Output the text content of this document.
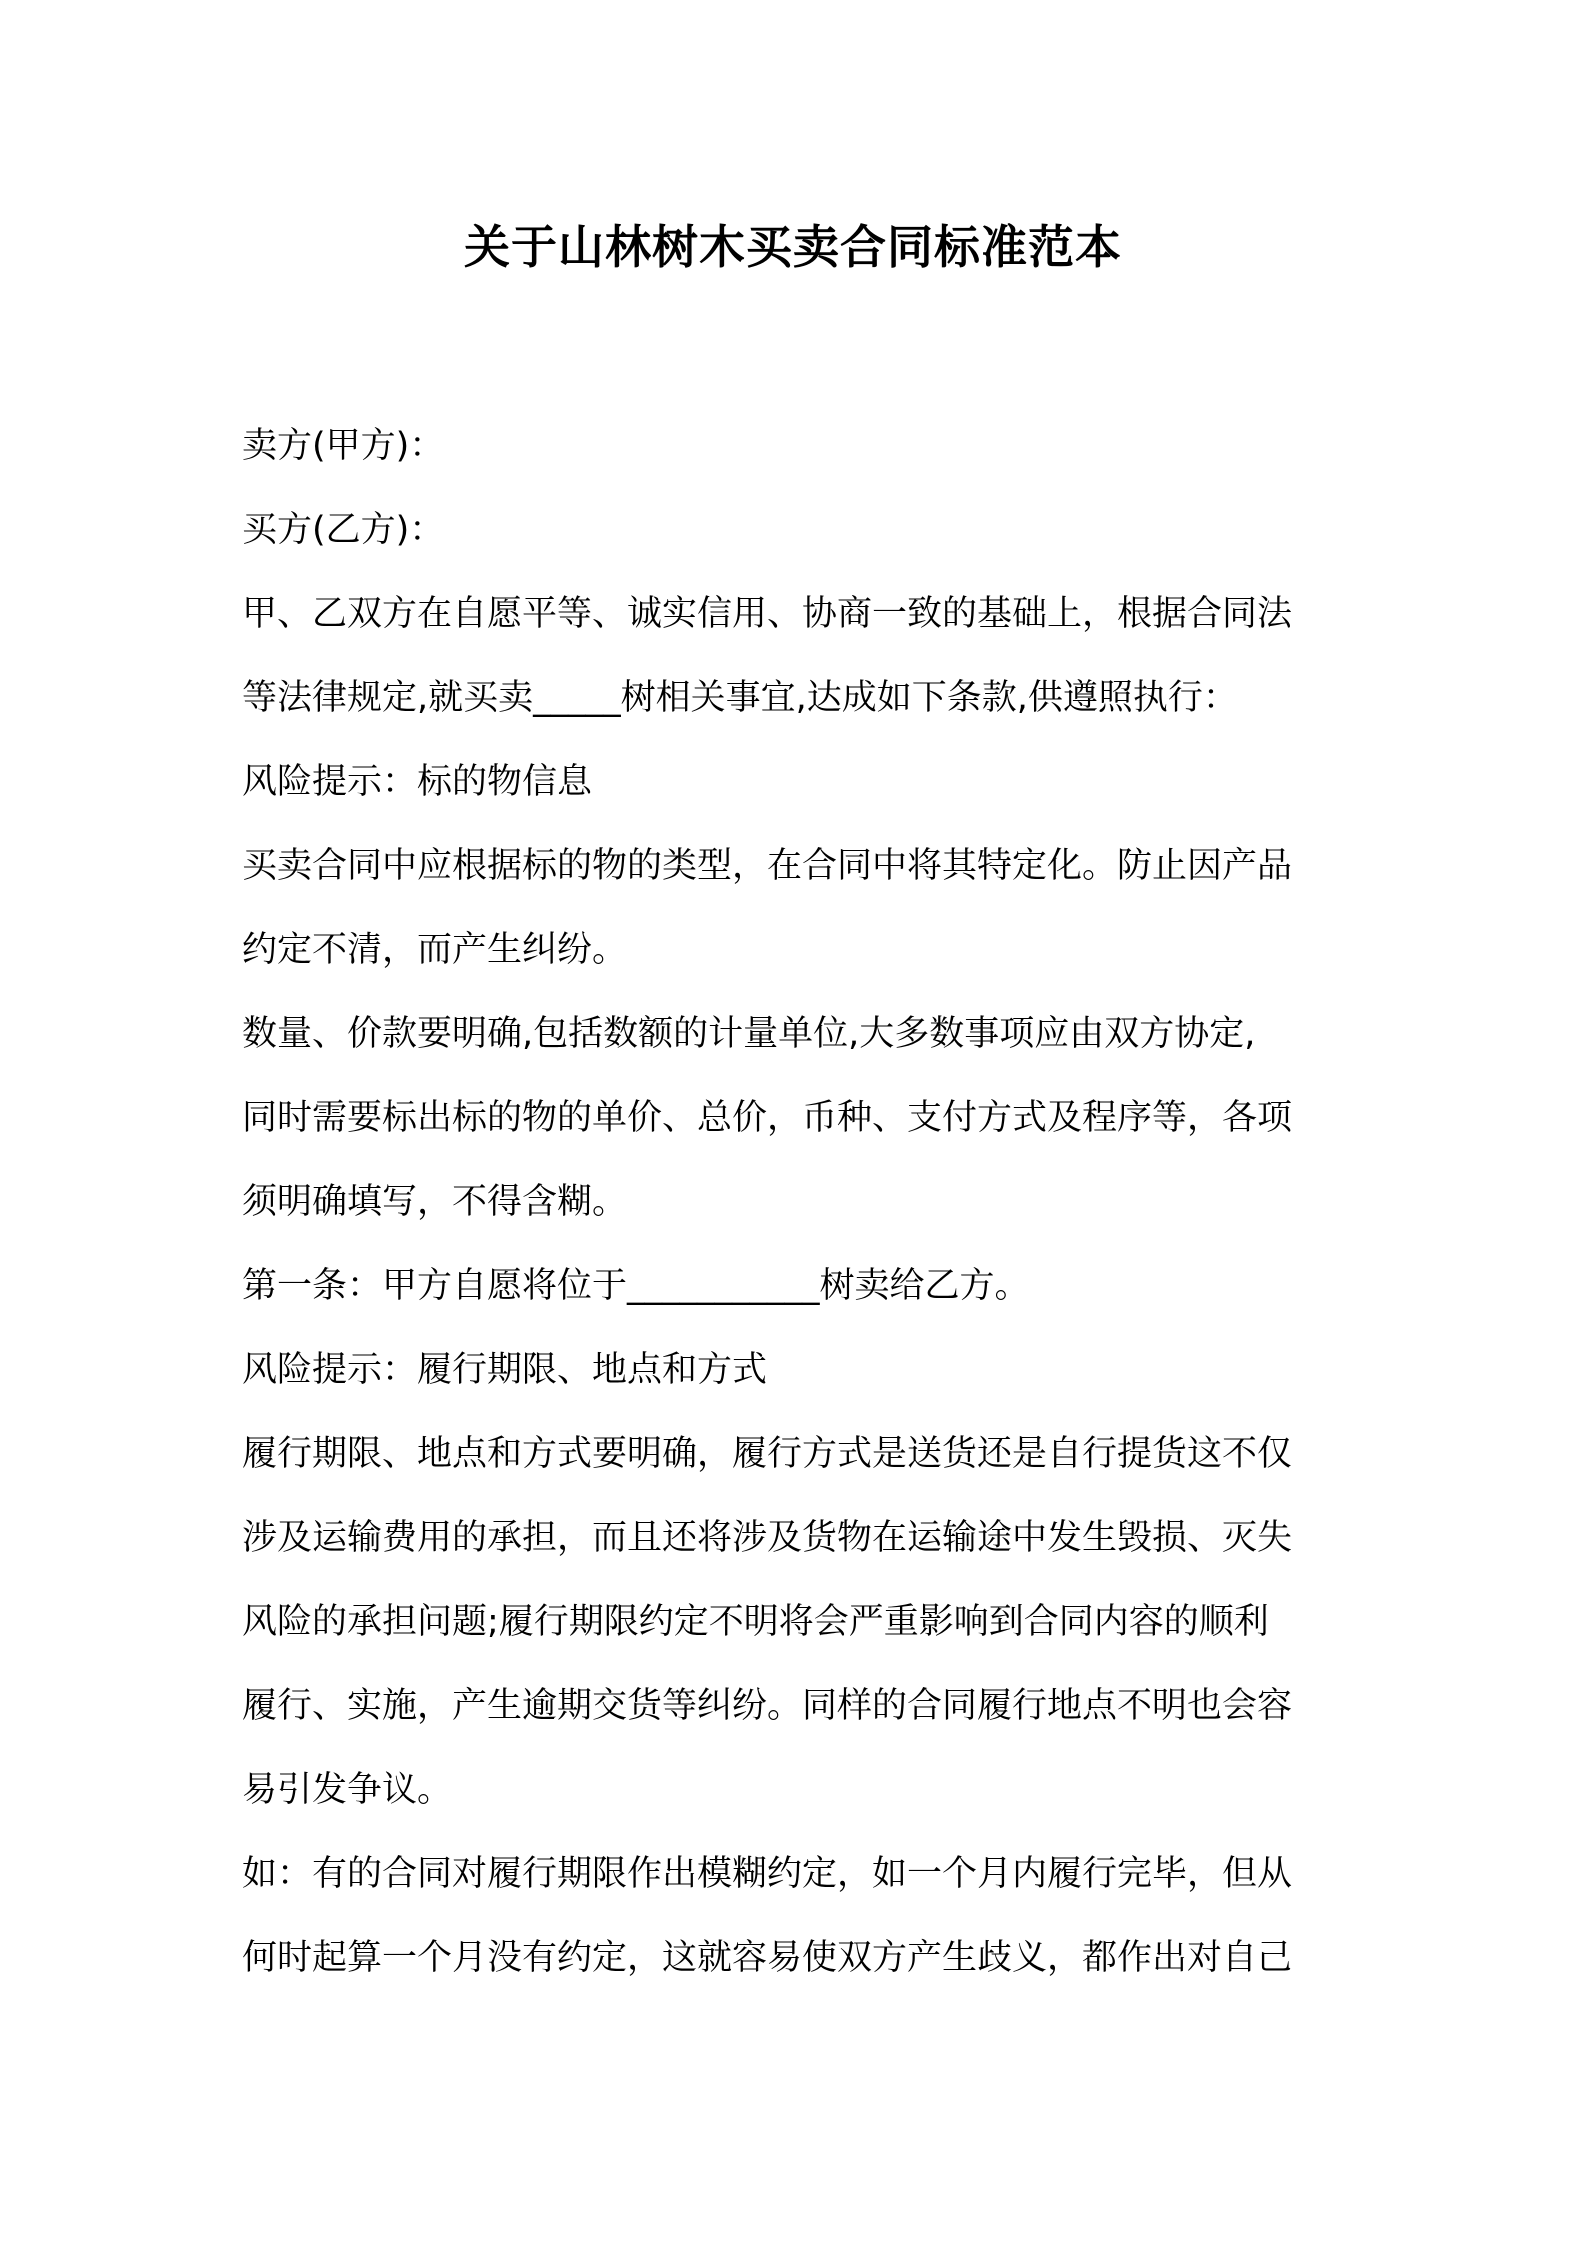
关于山林树木买卖合同标准范本
卖方(甲方)：
买方(乙方)：
甲、乙双方在自愿平等、诚实信用、协商一致的基础上，根据合同法
等法律规定,就买卖_____树相关事宜,达成如下条款,供遵照执行：
风险提示：标的物信息
买卖合同中应根据标的物的类型，在合同中将其特定化。防止因产品
约定不清，而产生纠纷。
数量、价款要明确,包括数额的计量单位,大多数事项应由双方协定,
同时需要标出标的物的单价、总价，币种、支付方式及程序等，各项
须明确填写，不得含糊。
第一条：甲方自愿将位于___________树卖给乙方。
风险提示：履行期限、地点和方式
履行期限、地点和方式要明确，履行方式是送货还是自行提货这不仅
涉及运输费用的承担，而且还将涉及货物在运输途中发生毁损、灭失
风险的承担问题;履行期限约定不明将会严重影响到合同内容的顺利
履行、实施，产生逾期交货等纠纷。同样的合同履行地点不明也会容
易引发争议。
如：有的合同对履行期限作出模糊约定，如一个月内履行完毕，但从
何时起算一个月没有约定，这就容易使双方产生歧义，都作出对自己
